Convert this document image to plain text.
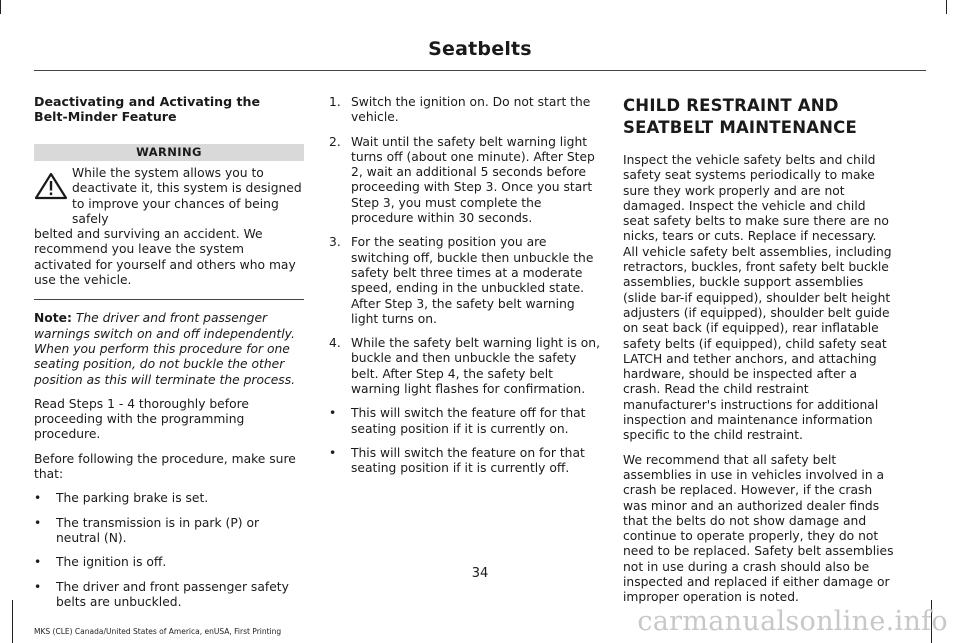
Seatbelts
Deactivating and Activating the
Belt-Minder Feature
WARNING

While the system allows you to deactivate it, this system is designed to improve your chances of being safely
belted and surviving an accident. We recommend you leave the system activated for yourself and others who may use the vehicle.

Note: The driver and front passenger warnings switch on and off independently. When you perform this procedure for one seating position, do not buckle the other position as this will terminate the process.

Read Steps 1 - 4 thoroughly before proceeding with the programming procedure.

Before following the procedure, make sure that:

• The parking brake is set.
• The transmission is in park (P) or neutral (N).
• The ignition is off.
• The driver and front passenger safety belts are unbuckled.
1. Switch the ignition on. Do not start the vehicle.
2. Wait until the safety belt warning light turns off (about one minute). After Step 2, wait an additional 5 seconds before proceeding with Step 3. Once you start Step 3, you must complete the procedure within 30 seconds.
3. For the seating position you are switching off, buckle then unbuckle the safety belt three times at a moderate speed, ending in the unbuckled state. After Step 3, the safety belt warning light turns on.
4. While the safety belt warning light is on, buckle and then unbuckle the safety belt. After Step 4, the safety belt warning light flashes for confirmation.
• This will switch the feature off for that seating position if it is currently on.
• This will switch the feature on for that seating position if it is currently off.
CHILD RESTRAINT AND
SEATBELT MAINTENANCE

Inspect the vehicle safety belts and child safety seat systems periodically to make sure they work properly and are not damaged. Inspect the vehicle and child seat safety belts to make sure there are no nicks, tears or cuts. Replace if necessary. All vehicle safety belt assemblies, including retractors, buckles, front safety belt buckle assemblies, buckle support assemblies (slide bar-if equipped), shoulder belt height adjusters (if equipped), shoulder belt guide on seat back (if equipped), rear inflatable safety belts (if equipped), child safety seat LATCH and tether anchors, and attaching hardware, should be inspected after a crash. Read the child restraint manufacturer's instructions for additional inspection and maintenance information specific to the child restraint.

We recommend that all safety belt assemblies in use in vehicles involved in a crash be replaced. However, if the crash was minor and an authorized dealer finds that the belts do not show damage and continue to operate properly, they do not need to be replaced. Safety belt assemblies not in use during a crash should also be inspected and replaced if either damage or improper operation is noted.

34
MKS (CLE) Canada/United States of America, enUSA, First Printing	carmanualsonline.info
